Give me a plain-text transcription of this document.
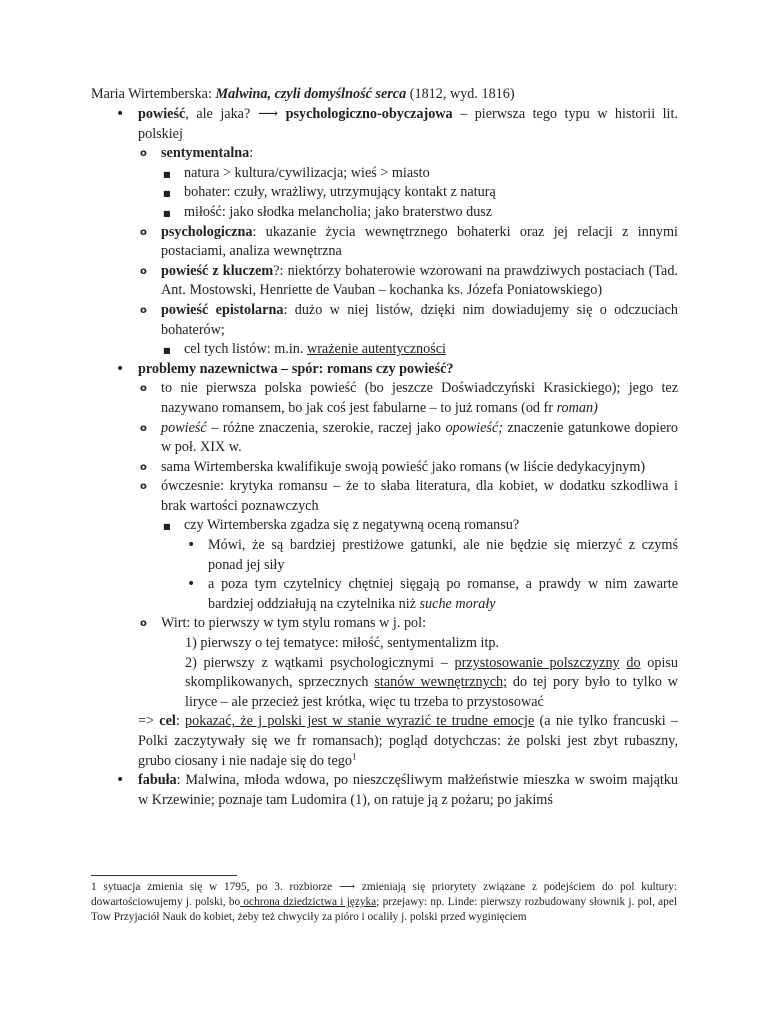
Maria Wirtemberska: Malwina, czyli domyślność serca (1812, wyd. 1816)
• powieść, ale jaka? ⟶ psychologiczno-obyczajowa – pierwsza tego typu w historii lit. polskiej
o sentymentalna:
■ natura > kultura/cywilizacja; wieś > miasto
■ bohater: czuły, wrażliwy, utrzymujący kontakt z naturą
■ miłość: jako słodka melancholia; jako braterstwo dusz
o psychologiczna: ukazanie życia wewnętrznego bohaterki oraz jej relacji z innymi postaciami, analiza wewnętrzna
o powieść z kluczem?: niektórzy bohaterowie wzorowani na prawdziwych postaciach (Tad. Ant. Mostowski, Henriette de Vauban – kochanka ks. Józefa Poniatowskiego)
o powieść epistolarna: dużo w niej listów, dzięki nim dowiadujemy się o odczuciach bohaterów;
■ cel tych listów: m.in. wrażenie autentyczności
• problemy nazewnictwa – spór: romans czy powieść?
o to nie pierwsza polska powieść (bo jeszcze Doświadczyński Krasickiego); jego tez nazywano romansem, bo jak coś jest fabularne – to już romans (od fr roman)
o powieść – różne znaczenia, szerokie, raczej jako opowieść; znaczenie gatunkowe dopiero w poł. XIX w.
o sama Wirtemberska kwalifikuje swoją powieść jako romans (w liście dedykacyjnym)
o ówczesnie: krytyka romansu – że to słaba literatura, dla kobiet, w dodatku szkodliwa i brak wartości poznawczych
■ czy Wirtemberska zgadza się z negatywną oceną romansu?
• Mówi, że są bardziej prestiżowe gatunki, ale nie będzie się mierzyć z czymś ponad jej siły
• a poza tym czytelnicy chętniej sięgają po romanse, a prawdy w nim zawarte bardziej oddziałują na czytelnika niż suche morały
o Wirt: to pierwszy w tym stylu romans w j. pol:
1) pierwszy o tej tematyce: miłość, sentymentalizm itp.
2) pierwszy z wątkami psychologicznymi – przystosowanie polszczyzny do opisu skomplikowanych, sprzecznych stanów wewnętrznych; do tej pory było to tylko w liryce – ale przecież jest krótka, więc tu trzeba to przystosować
=> cel: pokazać, że j polski jest w stanie wyrazić te trudne emocje (a nie tylko francuski – Polki zaczytywały się we fr romansach); pogląd dotychczas: że polski jest zbyt rubaszny, grubo ciosany i nie nadaje się do tego$^1$
• fabuła: Malwina, młoda wdowa, po nieszczęśliwym małżeństwie mieszka w swoim majątku w Krzewinie; poznaje tam Ludomira (1), on ratuje ją z pożaru; po jakimś
1 sytuacja zmienia się w 1795, po 3. rozbiorze ⟶ zmieniają się priorytety związane z podejściem do pol kultury: dowartościowujemy j. polski, bo ochrona dziedzictwa i języka; przejawy: np. Linde: pierwszy rozbudowany słownik j. pol, apel Tow Przyjaciół Nauk do kobiet, żeby też chwyciły za pióro i ocaliły j. polski przed wyginięciem
